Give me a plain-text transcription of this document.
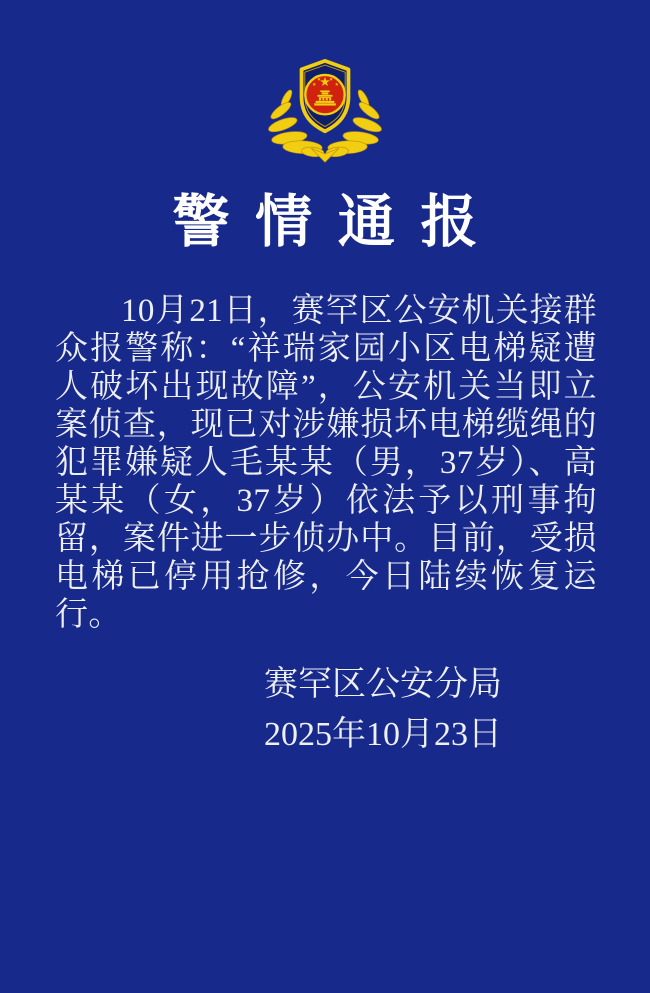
警情通报

10月21日，赛罕区公安机关接群众报警称：“祥瑞家园小区电梯疑遭人破坏出现故障”，公安机关当即立案侦查，现已对涉嫌损坏电梯缆绳的犯罪嫌疑人毛某某（男，37岁）、高某某（女，37岁）依法予以刑事拘留，案件进一步侦办中。目前，受损电梯已停用抢修，今日陆续恢复运行。

赛罕区公安分局
2025年10月23日
